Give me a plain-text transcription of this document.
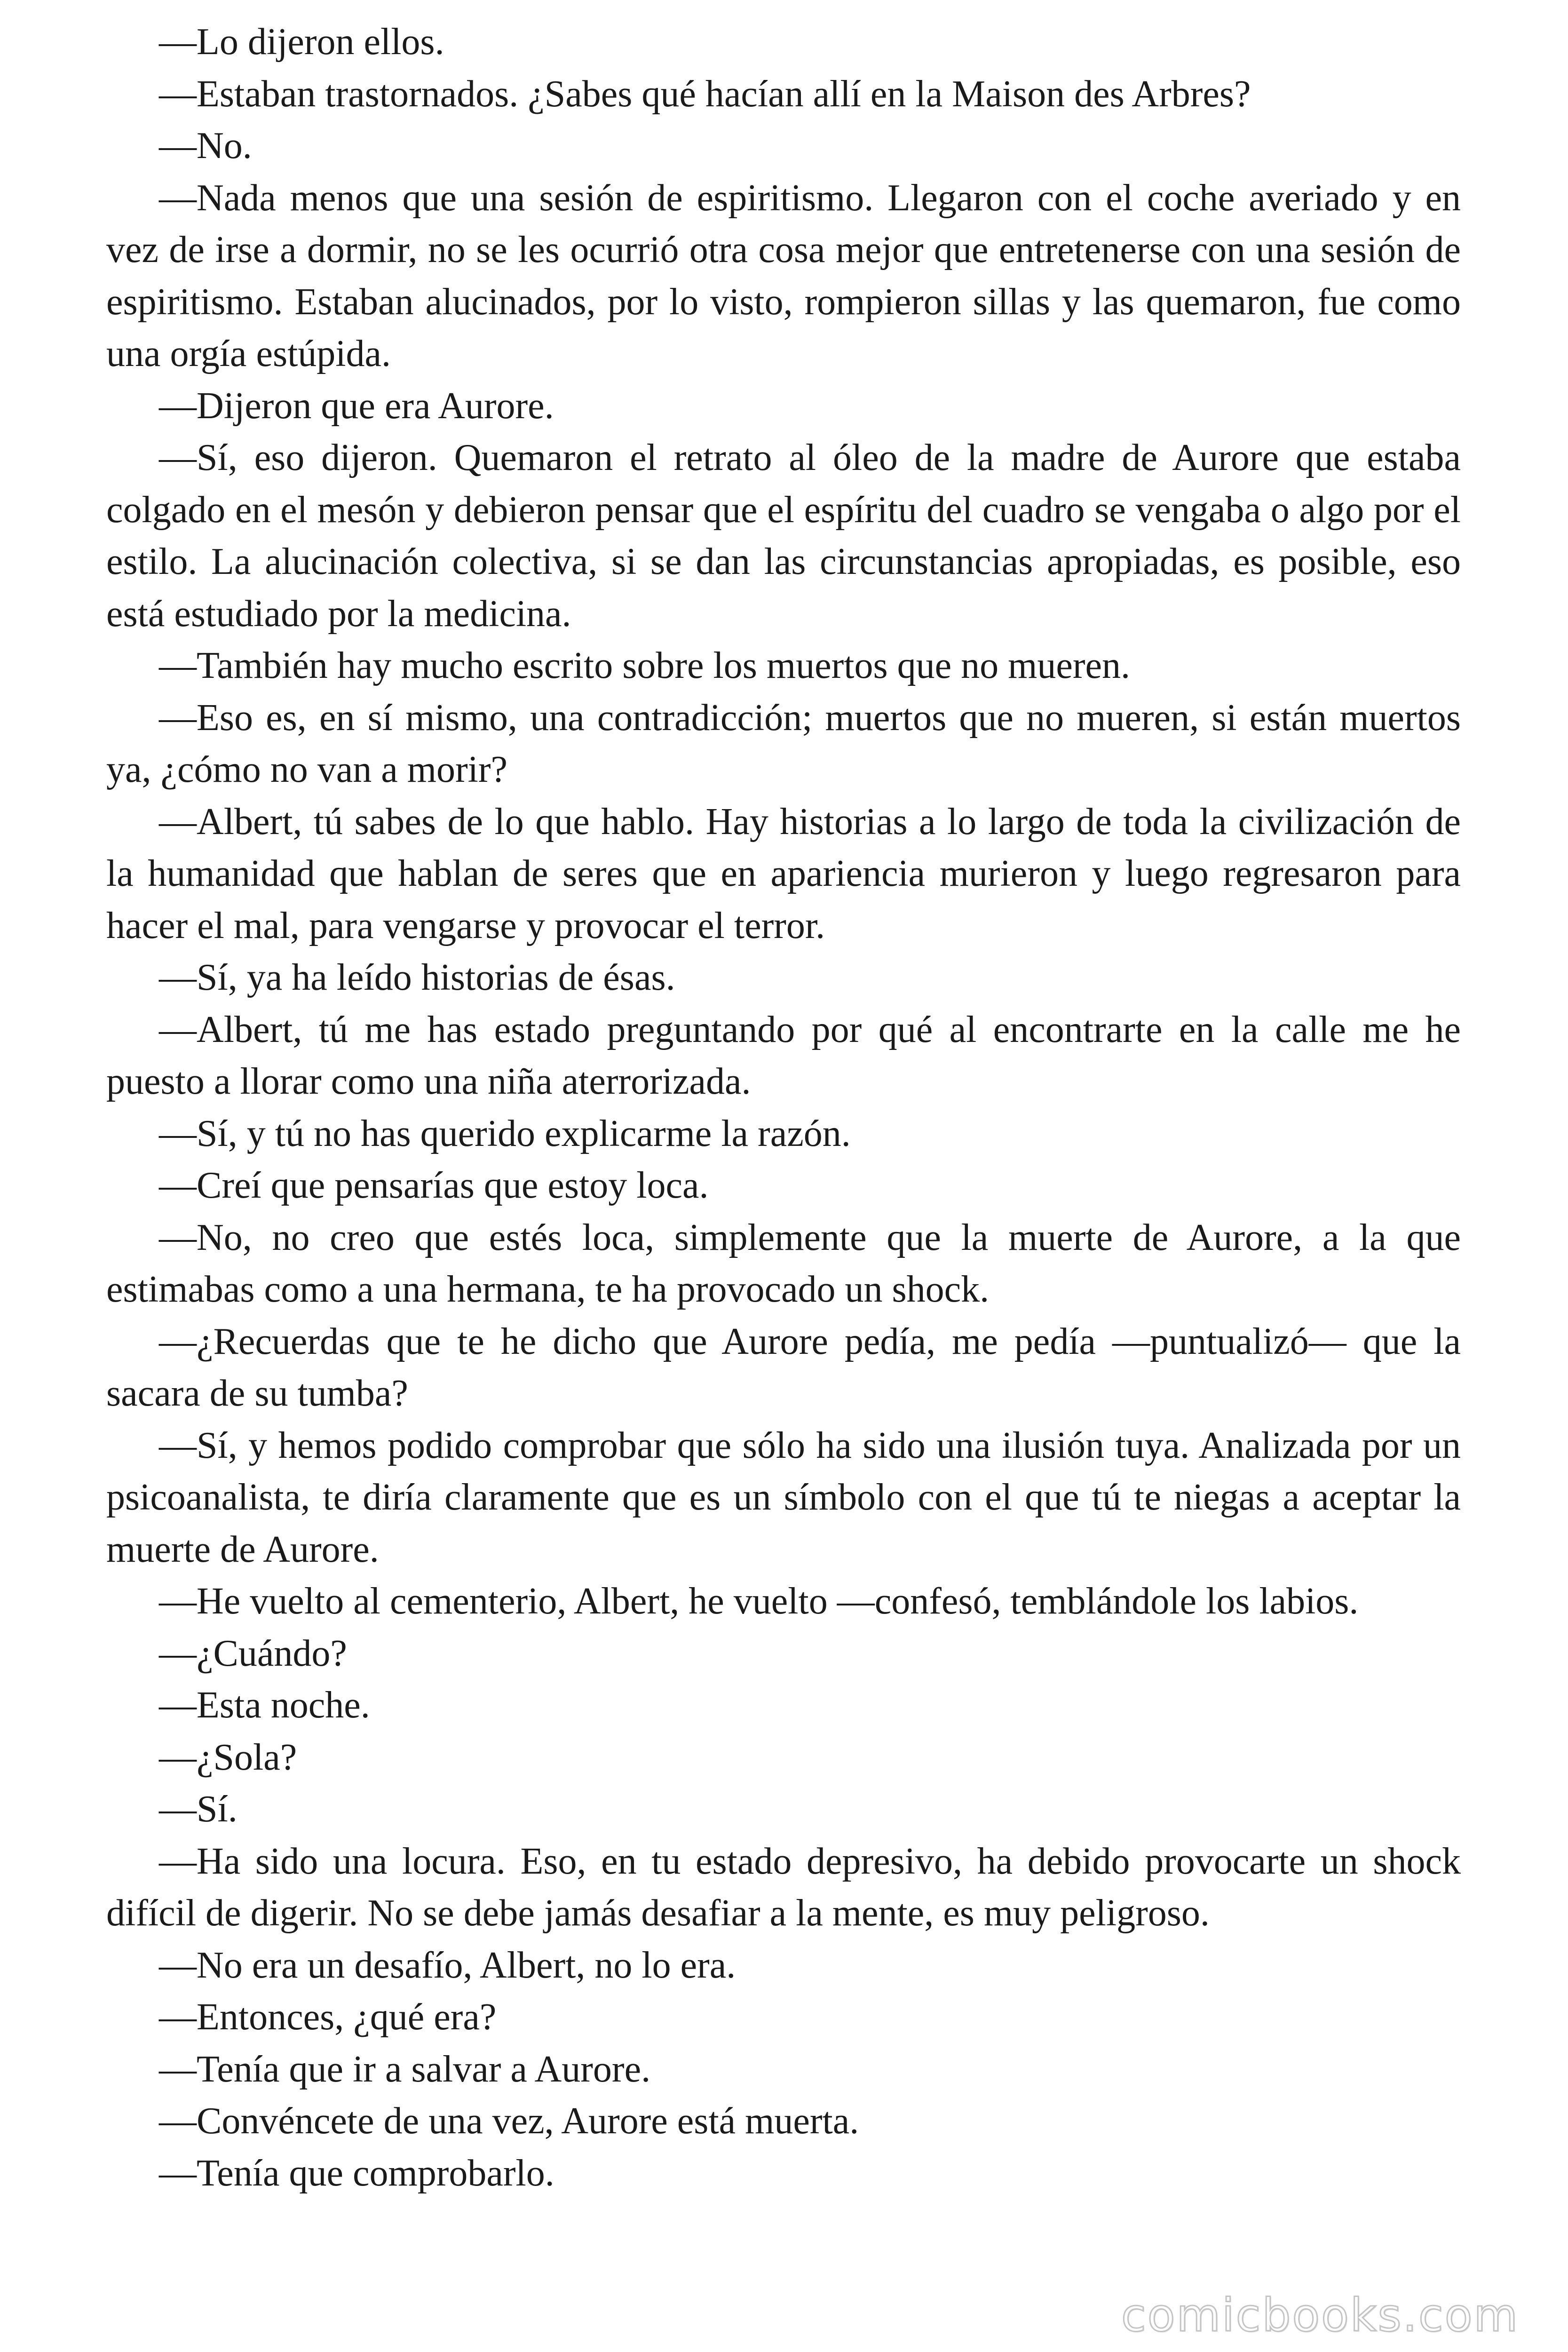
—Lo dijeron ellos.

—Estaban trastornados. ¿Sabes qué hacían allí en la Maison des Arbres?

—No.

—Nada menos que una sesión de espiritismo. Llegaron con el coche averiado y en vez de irse a dormir, no se les ocurrió otra cosa mejor que entretenerse con una sesión de espiritismo. Estaban alucinados, por lo visto, rompieron sillas y las quemaron, fue como una orgía estúpida.

—Dijeron que era Aurore.

—Sí, eso dijeron. Quemaron el retrato al óleo de la madre de Aurore que estaba colgado en el mesón y debieron pensar que el espíritu del cuadro se vengaba o algo por el estilo. La alucinación colectiva, si se dan las circunstancias apropiadas, es posible, eso está estudiado por la medicina.

—También hay mucho escrito sobre los muertos que no mueren.

—Eso es, en sí mismo, una contradicción; muertos que no mueren, si están muertos ya, ¿cómo no van a morir?

—Albert, tú sabes de lo que hablo. Hay historias a lo largo de toda la civilización de la humanidad que hablan de seres que en apariencia murieron y luego regresaron para hacer el mal, para vengarse y provocar el terror.

—Sí, ya ha leído historias de ésas.

—Albert, tú me has estado preguntando por qué al encontrarte en la calle me he puesto a llorar como una niña aterrorizada.

—Sí, y tú no has querido explicarme la razón.

—Creí que pensarías que estoy loca.

—No, no creo que estés loca, simplemente que la muerte de Aurore, a la que estimabas como a una hermana, te ha provocado un shock.

—¿Recuerdas que te he dicho que Aurore pedía, me pedía —puntualizó— que la sacara de su tumba?

—Sí, y hemos podido comprobar que sólo ha sido una ilusión tuya. Analizada por un psicoanalista, te diría claramente que es un símbolo con el que tú te niegas a aceptar la muerte de Aurore.

—He vuelto al cementerio, Albert, he vuelto —confesó, temblándole los labios.

—¿Cuándo?

—Esta noche.

—¿Sola?

—Sí.

—Ha sido una locura. Eso, en tu estado depresivo, ha debido provocarte un shock difícil de digerir. No se debe jamás desafiar a la mente, es muy peligroso.

—No era un desafío, Albert, no lo era.

—Entonces, ¿qué era?

—Tenía que ir a salvar a Aurore.

—Convéncete de una vez, Aurore está muerta.

—Tenía que comprobarlo.

comicbooks.com
